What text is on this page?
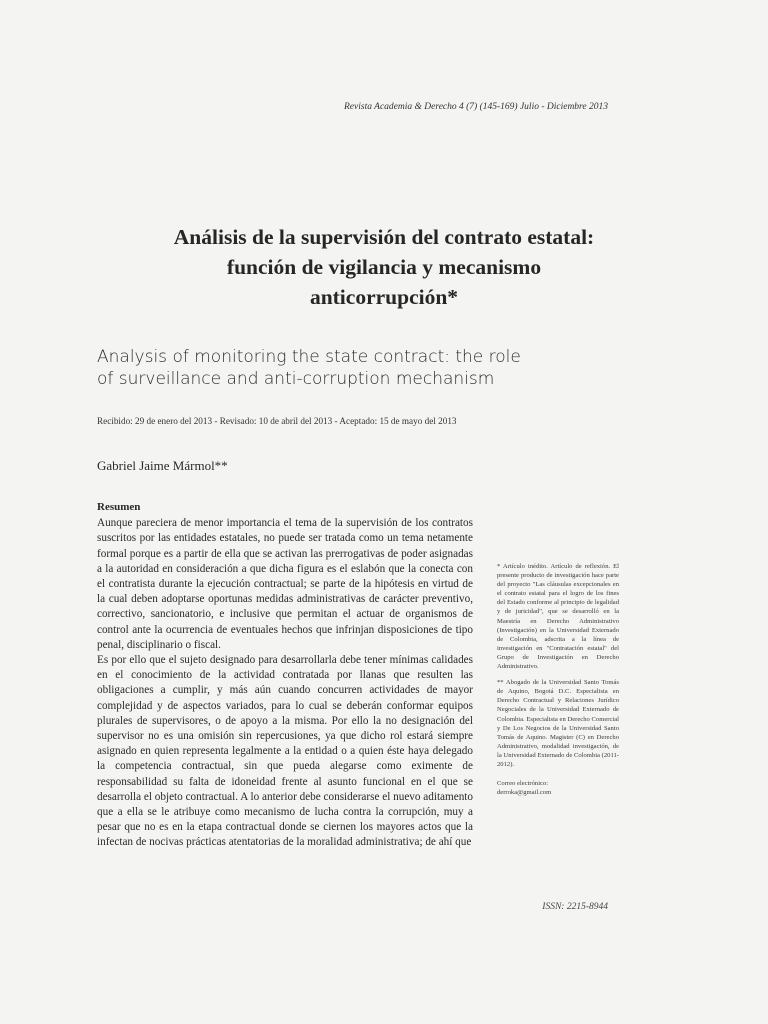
Revista Academia & Derecho 4 (7) (145-169) Julio - Diciembre 2013
Análisis de la supervisión del contrato estatal:
función de vigilancia y mecanismo
anticorrupción*
Analysis of monitoring the state contract: the role
of surveillance and anti-corruption mechanism
Recibido: 29 de enero del 2013 - Revisado: 10 de abril del 2013 - Aceptado: 15 de mayo del 2013
Gabriel Jaime Mármol**
Resumen

Aunque pareciera de menor importancia el tema de la supervisión de los contratos suscritos por las entidades estatales, no puede ser tratada como un tema netamente formal porque es a partir de ella que se activan las prerrogativas de poder asignadas a la autoridad en consideración a que dicha figura es el eslabón que la conecta con el contratista durante la ejecución contractual; se parte de la hipótesis en virtud de la cual deben adoptarse oportunas medidas administrativas de carácter preventivo, correctivo, sancionatorio, e inclusive que permitan el actuar de organismos de control ante la ocurrencia de eventuales hechos que infrinjan disposiciones de tipo penal, disciplinario o fiscal.

Es por ello que el sujeto designado para desarrollarla debe tener mínimas calidades en el conocimiento de la actividad contratada por llanas que resulten las obligaciones a cumplir, y más aún cuando concurren actividades de mayor complejidad y de aspectos variados, para lo cual se deberán conformar equipos plurales de supervisores, o de apoyo a la misma. Por ello la no designación del supervisor no es una omisión sin repercusiones, ya que dicho rol estará siempre asignado en quien representa legalmente a la entidad o a quien éste haya delegado la competencia contractual, sin que pueda alegarse como eximente de responsabilidad su falta de idoneidad frente al asunto funcional en el que se desarrolla el objeto contractual. A lo anterior debe considerarse el nuevo aditamento que a ella se le atribuye como mecanismo de lucha contra la corrupción, muy a pesar que no es en la etapa contractual donde se ciernen los mayores actos que la infectan de nocivas prácticas atentatorias de la moralidad administrativa; de ahí que

* Artículo inédito. Artículo de reflexión. El presente producto de investigación hace parte del proyecto "Las cláusulas excepcionales en el contrato estatal para el logro de los fines del Estado conforme al principio de legalidad y de juricidad", que se desarrolló en la Maestría en Derecho Administrativo (Investigación) en la Universidad Externado de Colombia, adscrita a la línea de investigación en "Contratación estatal" del Grupo de Investigación en Derecho Administrativo.

** Abogado de la Universidad Santo Tomás de Aquino, Bogotá D.C. Especialista en Derecho Contractual y Relaciones Jurídico Negociales de la Universidad Externado de Colombia. Especialista en Derecho Comercial y De Los Negocios de la Universidad Santo Tomás de Aquino. Magister (C) en Derecho Administrativo, modalidad investigación, de la Universidad Externado de Colombia (2011-2012).

Correo electrónico:
derroka@gmail.com
ISSN: 2215-8944
